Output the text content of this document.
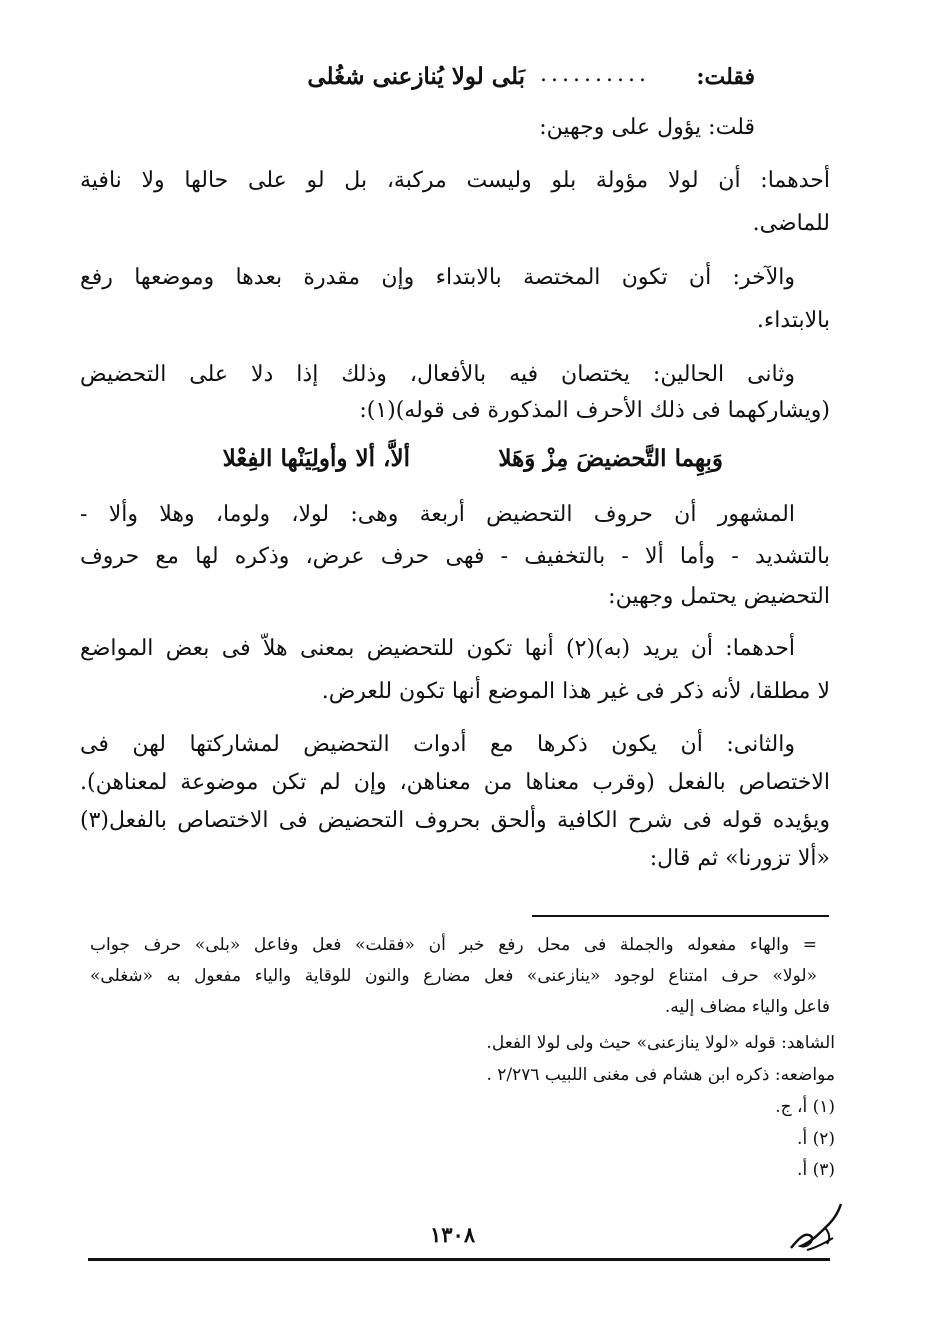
فقلت:
..........
بَلى لولا يُنازعنى شغُلى
قلت: يؤول على وجهين:
أحدهما: أن لولا مؤولة بلو وليست مركبة، بل لو على حالها ولا نافية
للماضى.
والآخر: أن تكون المختصة بالابتداء وإن مقدرة بعدها وموضعها رفع
بالابتداء.
وثانى الحالين: يختصان فيه بالأفعال، وذلك إذا دلا على التحضيض
(ويشاركهما فى ذلك الأحرف المذكورة فى قوله)(١):
وَبِهِما التَّحضيضَ مِزْ وَهَلا
ألاَّ، ألا وأولِيَنْها الفِعْلا
المشهور أن حروف التحضيض أربعة وهى: لولا، ولوما، وهلا وألا -
بالتشديد - وأما ألا - بالتخفيف - فهى حرف عرض، وذكره لها مع حروف
التحضيض يحتمل وجهين:
أحدهما: أن يريد (به)(٢) أنها تكون للتحضيض بمعنى هلاّ فى بعض المواضع
لا مطلقا، لأنه ذكر فى غير هذا الموضع أنها تكون للعرض.
والثانى: أن يكون ذكرها مع أدوات التحضيض لمشاركتها لهن فى
الاختصاص بالفعل (وقرب معناها من معناهن، وإن لم تكن موضوعة لمعناهن).
ويؤيده قوله فى شرح الكافية وألحق بحروف التحضيض فى الاختصاص بالفعل(٣)
«ألا تزورنا» ثم قال:
= والهاء مفعوله والجملة فى محل رفع خبر أن «فقلت» فعل وفاعل «بلى» حرف جواب
«لولا» حرف امتناع لوجود «ينازعنى» فعل مضارع والنون للوقاية والياء مفعول به «شغلى»
فاعل والياء مضاف إليه.
الشاهد: قوله «لولا ينازعنى» حيث ولى لولا الفعل.
مواضعه: ذكره ابن هشام فى مغنى اللبيب ٢/٢٧٦ .
(١) أ، ج.
(٢) أ.
(٣) أ.
١٣٠٨
